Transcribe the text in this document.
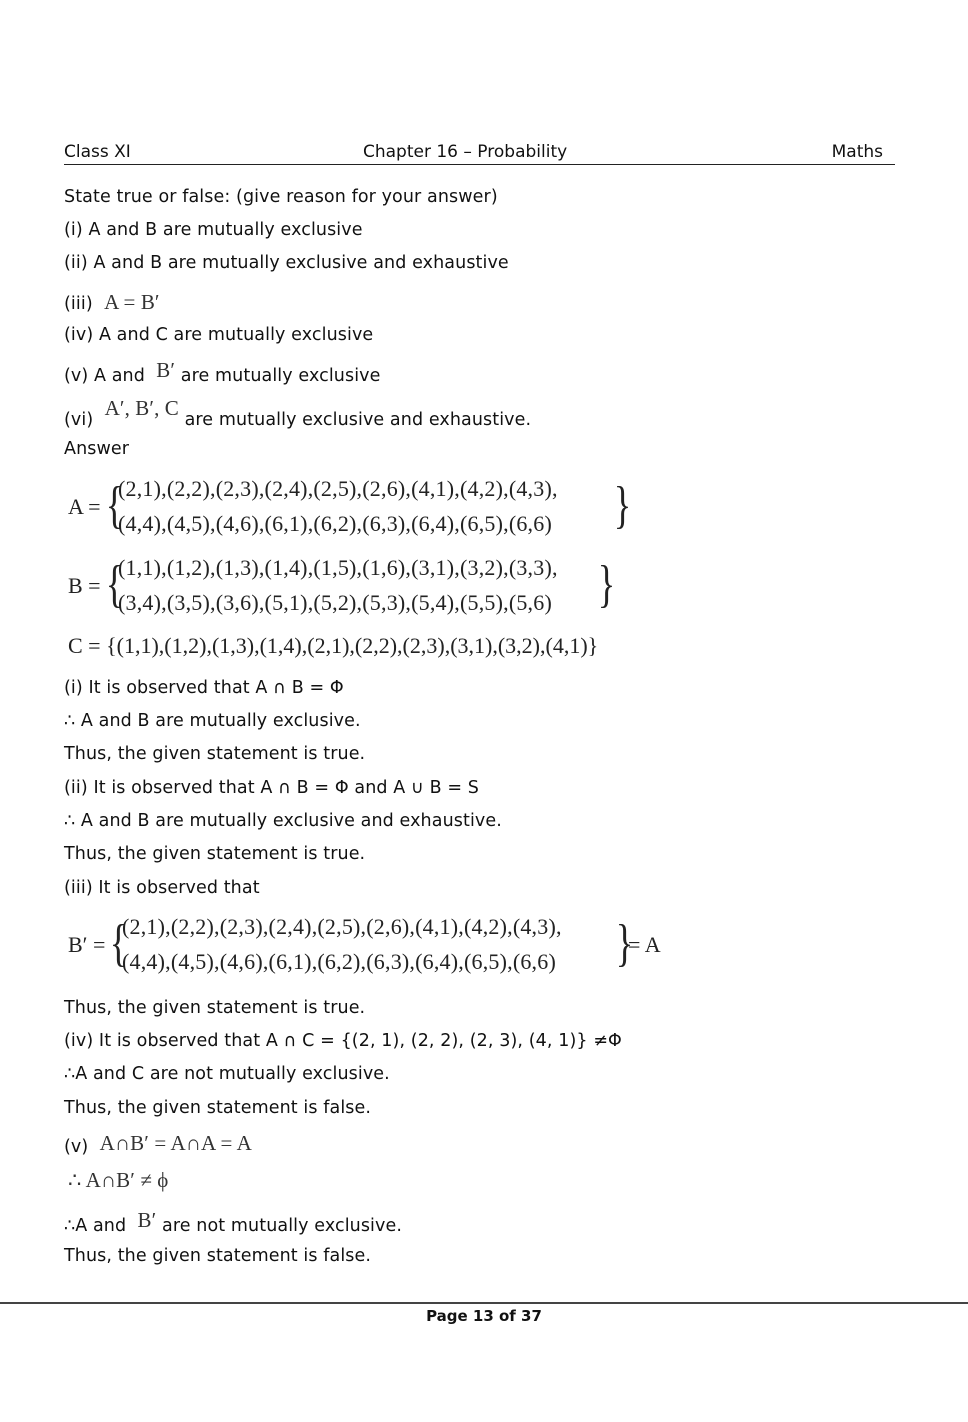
Class XI	Chapter 16 – Probability	Maths
State true or false: (give reason for your answer)
(i) A and B are mutually exclusive
(ii) A and B are mutually exclusive and exhaustive
(iii) A = B′
(iv) A and C are mutually exclusive
(v) A and B′ are mutually exclusive
(vi) A′, B′, C are mutually exclusive and exhaustive.
Answer
A = {
(2,1),(2,2),(2,3),(2,4),(2,5),(2,6),(4,1),(4,2),(4,3),
(4,4),(4,5),(4,6),(6,1),(6,2),(6,3),(6,4),(6,5),(6,6) }
B = {
(1,1),(1,2),(1,3),(1,4),(1,5),(1,6),(3,1),(3,2),(3,3),
(3,4),(3,5),(3,6),(5,1),(5,2),(5,3),(5,4),(5,5),(5,6) }
C = {(1,1),(1,2),(1,3),(1,4),(2,1),(2,2),(2,3),(3,1),(3,2),(4,1)}
(i) It is observed that A ∩ B = Φ
∴ A and B are mutually exclusive.
Thus, the given statement is true.
(ii) It is observed that A ∩ B = Φ and A ∪ B = S
∴ A and B are mutually exclusive and exhaustive.
Thus, the given statement is true.
(iii) It is observed that
B′ = {
(2,1),(2,2),(2,3),(2,4),(2,5),(2,6),(4,1),(4,2),(4,3),
(4,4),(4,5),(4,6),(6,1),(6,2),(6,3),(6,4),(6,5),(6,6) }
= A
Thus, the given statement is true.
(iv) It is observed that A ∩ C = {(2, 1), (2, 2), (2, 3), (4, 1)} ≠Φ
∴A and C are not mutually exclusive.
Thus, the given statement is false.
(v) A∩B′ = A∩A = A
∴ A∩B′ ≠ ϕ
∴A and B′ are not mutually exclusive.
Thus, the given statement is false.
Page 13 of 37
